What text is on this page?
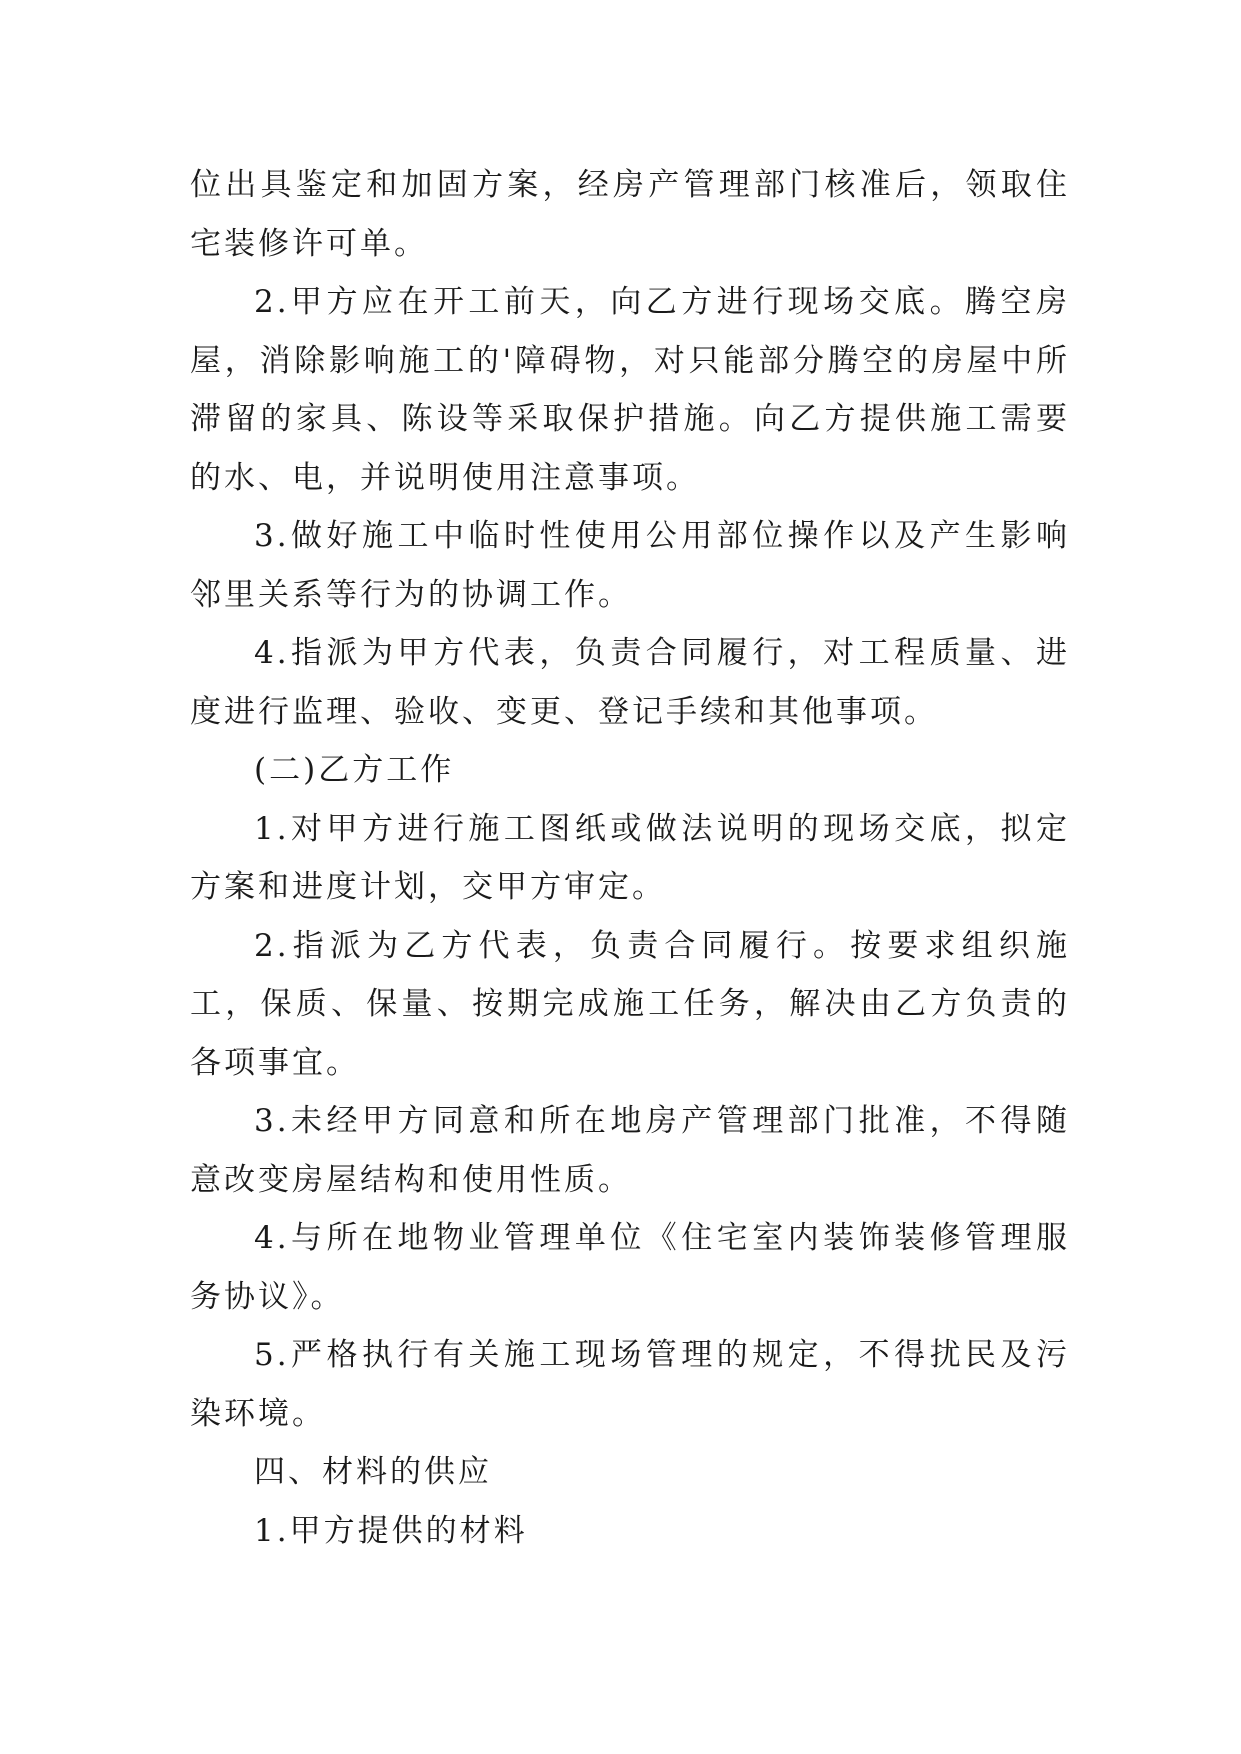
位出具鉴定和加固方案，经房产管理部门核准后，领取住宅装修许可单。

2.甲方应在开工前天，向乙方进行现场交底。腾空房屋，消除影响施工的'障碍物，对只能部分腾空的房屋中所滞留的家具、陈设等采取保护措施。向乙方提供施工需要的水、电，并说明使用注意事项。

3.做好施工中临时性使用公用部位操作以及产生影响邻里关系等行为的协调工作。

4.指派为甲方代表，负责合同履行，对工程质量、进度进行监理、验收、变更、登记手续和其他事项。

(二)乙方工作

1.对甲方进行施工图纸或做法说明的现场交底，拟定方案和进度计划，交甲方审定。

2.指派为乙方代表，负责合同履行。按要求组织施工，保质、保量、按期完成施工任务，解决由乙方负责的各项事宜。

3.未经甲方同意和所在地房产管理部门批准，不得随意改变房屋结构和使用性质。

4.与所在地物业管理单位《住宅室内装饰装修管理服务协议》。

5.严格执行有关施工现场管理的规定，不得扰民及污染环境。

四、材料的供应

1.甲方提供的材料
